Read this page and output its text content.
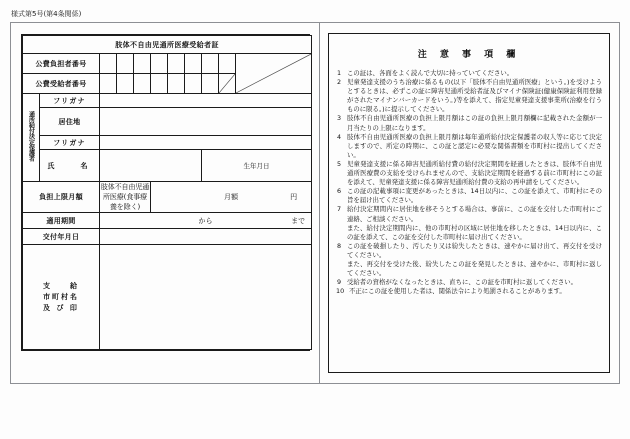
様式第5号(第4条関係)
肢体不自由児通所医療受給者証										
公費負担者番号									

公費受給者番号								

通所給付決定保護者	フリガナ									
	居住地									
	フリガナ									
	氏　　名							生年月日		
負担上限月額		肢体不自由児通所医療(食事療養を除く)			月額 円					

適用期間		から まで								

交付年月日										

支　　給
市町村名
及 び 印										

注 意 事 項 欄
1 この証は、各面をよく読んで大切に持っていてください。
2 児童発達支援のうち治療に係るもの(以下「肢体不自由児通所医療」という。)を受けようとするときは、必ずこの証に障害児通所受給者証及びマイナ保険証(健康保険証利用登録がされたマイナンバーカードをいう。)等を添えて、指定児童発達支援事業所(治療を行うものに限る。)に提示してください。
3 肢体不自由児通所医療の負担上限月額はこの証の負担上限月額欄に記載された金額が一月当たりの上限になります。
4 肢体不自由児通所医療の負担上限月額は毎年通所給付決定保護者の収入等に応じて決定しますので、所定の時期に、この証と認定に必要な関係書類を市町村に提出してください。
5 児童発達支援に係る障害児通所給付費の給付決定期間を経過したときは、肢体不自由児通所医療費の支給を受けられませんので、支給決定期間を経過する前に市町村にこの証を添えて、児童発達支援に係る障害児通所給付費の支給の再申請をしてください。
6 この証の記載事項に変更があったときは、14日以内に、この証を添えて、市町村にその旨を届け出てください。
7 給付決定期間内に居住地を移そうとする場合は、事前に、この証を交付した市町村にご連絡、ご相談ください。
また、給付決定期間内に、他の市町村の区域に居住地を移したときは、14日以内に、この証を添えて、この証を交付した市町村に届け出てください。
8 この証を破損したり、汚したり又は紛失したときは、速やかに届け出て、再交付を受けてください。
また、再交付を受けた後、紛失したこの証を発見したときは、速やかに、市町村に返してください。
9 受給者の資格がなくなったときは、直ちに、この証を市町村に返してください。
10 不正にこの証を使用した者は、関係法令により処罰されることがあります。
